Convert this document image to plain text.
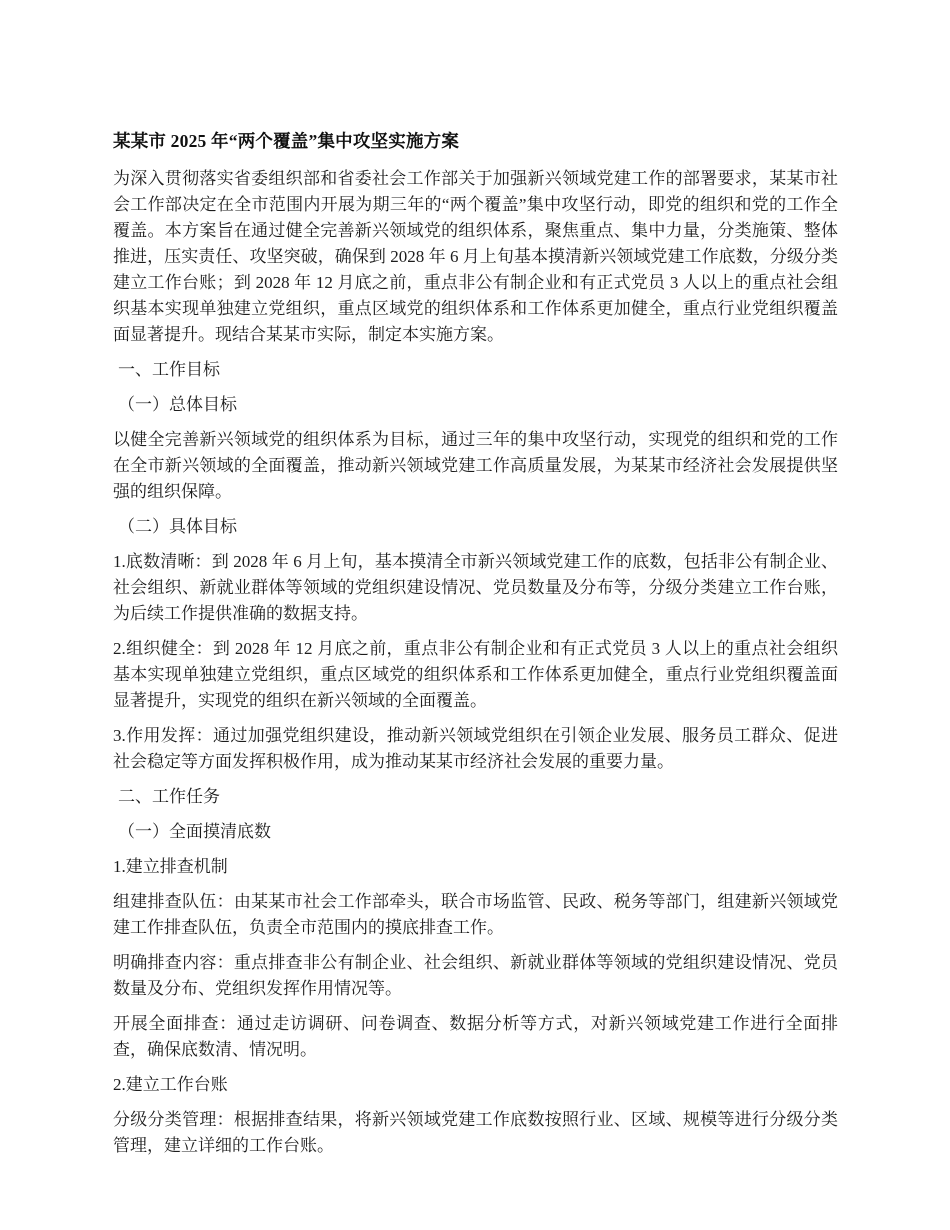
某某市 2025 年“两个覆盖”集中攻坚实施方案

为深入贯彻落实省委组织部和省委社会工作部关于加强新兴领域党建工作的部署要求，某某市社会工作部决定在全市范围内开展为期三年的“两个覆盖”集中攻坚行动，即党的组织和党的工作全覆盖。本方案旨在通过健全完善新兴领域党的组织体系，聚焦重点、集中力量，分类施策、整体推进，压实责任、攻坚突破，确保到 2028 年 6 月上旬基本摸清新兴领域党建工作底数，分级分类建立工作台账；到 2028 年 12 月底之前，重点非公有制企业和有正式党员 3 人以上的重点社会组织基本实现单独建立党组织，重点区域党的组织体系和工作体系更加健全，重点行业党组织覆盖面显著提升。现结合某某市实际，制定本实施方案。

一、工作目标

（一）总体目标

以健全完善新兴领域党的组织体系为目标，通过三年的集中攻坚行动，实现党的组织和党的工作在全市新兴领域的全面覆盖，推动新兴领域党建工作高质量发展，为某某市经济社会发展提供坚强的组织保障。

（二）具体目标

1.底数清晰：到 2028 年 6 月上旬，基本摸清全市新兴领域党建工作的底数，包括非公有制企业、社会组织、新就业群体等领域的党组织建设情况、党员数量及分布等，分级分类建立工作台账，为后续工作提供准确的数据支持。

2.组织健全：到 2028 年 12 月底之前，重点非公有制企业和有正式党员 3 人以上的重点社会组织基本实现单独建立党组织，重点区域党的组织体系和工作体系更加健全，重点行业党组织覆盖面显著提升，实现党的组织在新兴领域的全面覆盖。

3.作用发挥：通过加强党组织建设，推动新兴领域党组织在引领企业发展、服务员工群众、促进社会稳定等方面发挥积极作用，成为推动某某市经济社会发展的重要力量。

二、工作任务

（一）全面摸清底数

1.建立排查机制

组建排查队伍：由某某市社会工作部牵头，联合市场监管、民政、税务等部门，组建新兴领域党建工作排查队伍，负责全市范围内的摸底排查工作。

明确排查内容：重点排查非公有制企业、社会组织、新就业群体等领域的党组织建设情况、党员数量及分布、党组织发挥作用情况等。

开展全面排查：通过走访调研、问卷调查、数据分析等方式，对新兴领域党建工作进行全面排查，确保底数清、情况明。

2.建立工作台账

分级分类管理：根据排查结果，将新兴领域党建工作底数按照行业、区域、规模等进行分级分类管理，建立详细的工作台账。
